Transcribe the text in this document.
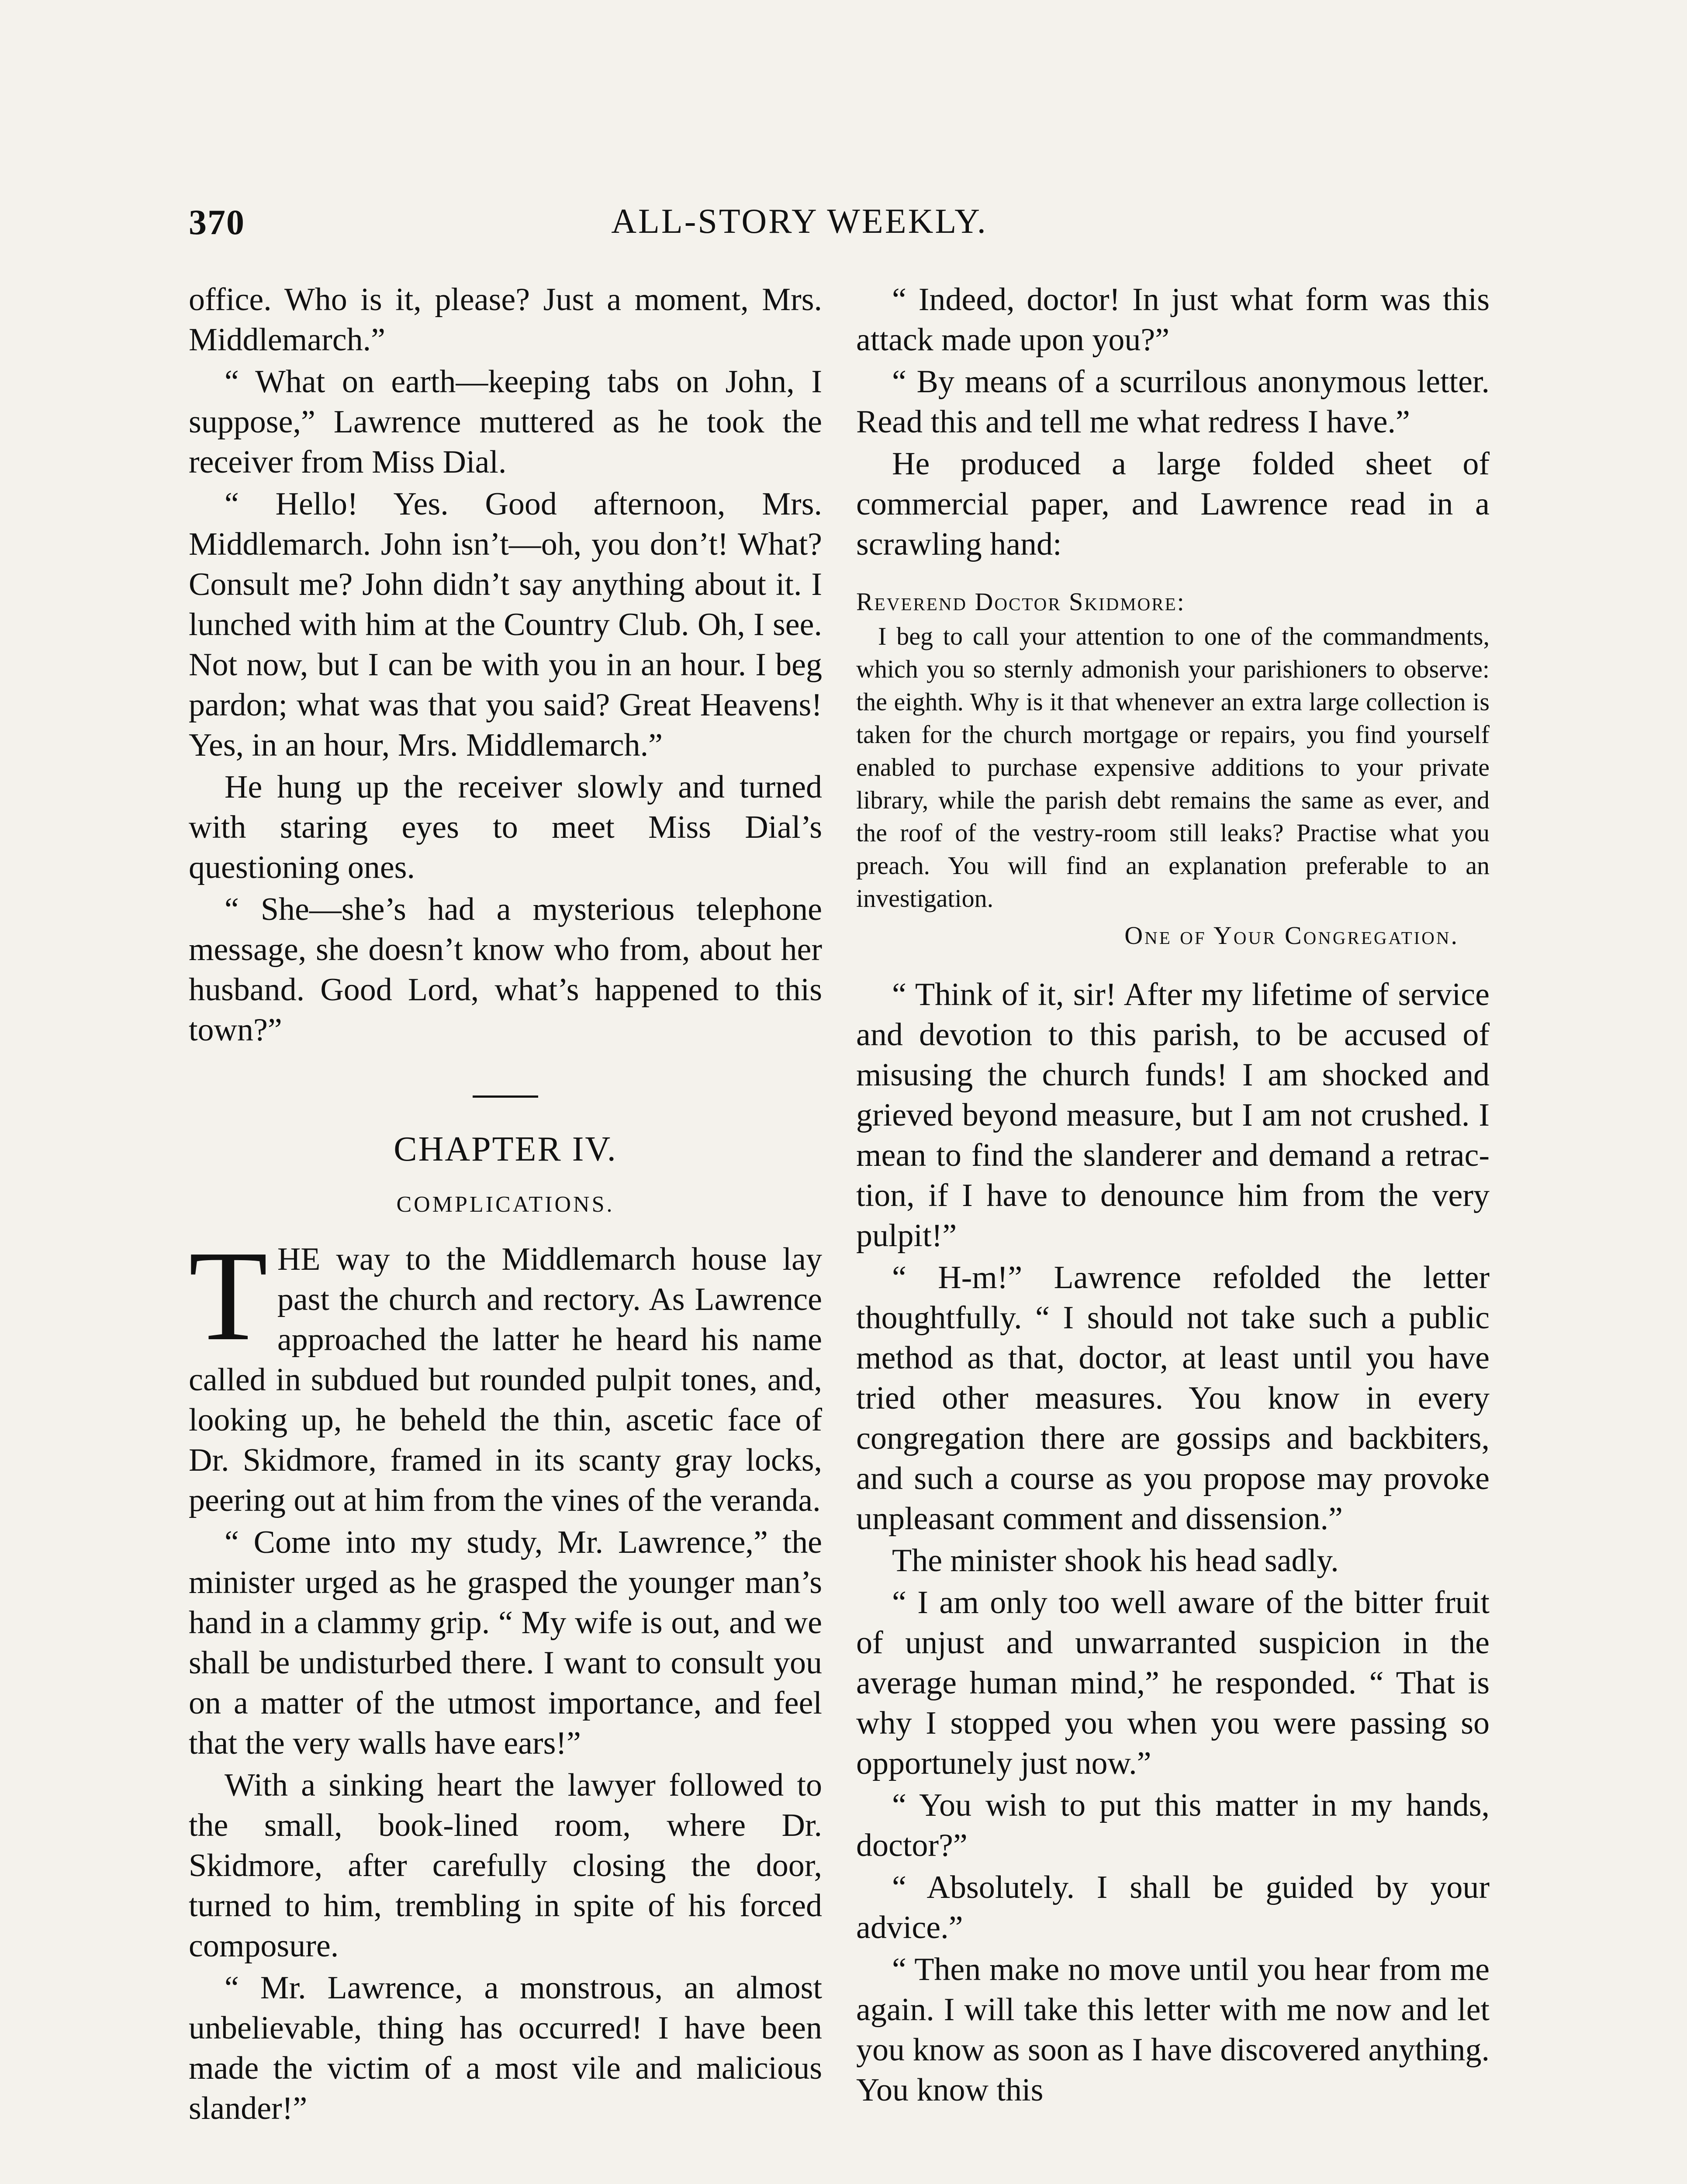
370	ALL-STORY WEEKLY.

office. Who is it, please? Just a moment, Mrs. Middlemarch.”

“ What on earth—keeping tabs on John, I suppose,” Lawrence muttered as he took the receiver from Miss Dial.

“ Hello! Yes. Good afternoon, Mrs. Middlemarch. John isn’t—oh, you don’t! What? Consult me? John didn’t say anything about it. I lunched with him at the Country Club. Oh, I see. Not now, but I can be with you in an hour. I beg pardon; what was that you said? Great Heavens! Yes, in an hour, Mrs. Middlemarch.”

He hung up the receiver slowly and turned with staring eyes to meet Miss Dial’s questioning ones.

“ She—she’s had a mysterious telephone message, she doesn’t know who from, about her husband. Good Lord, what’s happened to this town?”

CHAPTER IV.
COMPLICATIONS.

THE way to the Middlemarch house lay past the church and rectory. As Lawrence approached the latter he heard his name called in subdued but rounded pulpit tones, and, looking up, he beheld the thin, ascetic face of Dr. Skidmore, framed in its scanty gray locks, peering out at him from the vines of the veranda.

“ Come into my study, Mr. Lawrence,” the minister urged as he grasped the younger man’s hand in a clammy grip. “ My wife is out, and we shall be undisturbed there. I want to consult you on a matter of the utmost importance, and feel that the very walls have ears!”

With a sinking heart the lawyer followed to the small, book-lined room, where Dr. Skidmore, after carefully closing the door, turned to him, trembling in spite of his forced composure.

“ Mr. Lawrence, a monstrous, an almost unbelievable, thing has occurred! I have been made the victim of a most vile and malicious slander!”

“ Indeed, doctor! In just what form was this attack made upon you?”

“ By means of a scurrilous anonymous letter. Read this and tell me what redress I have.”

He produced a large folded sheet of commercial paper, and Lawrence read in a scrawling hand:

Reverend Doctor Skidmore:

I beg to call your attention to one of the commandments, which you so sternly admonish your parishioners to observe: the eighth. Why is it that whenever an extra large collection is taken for the church mortgage or repairs, you find yourself enabled to purchase expensive additions to your private library, while the parish debt remains the same as ever, and the roof of the vestry-room still leaks? Practise what you preach. You will find an explanation preferable to an investigation.

One of Your Congregation.

“ Think of it, sir! After my lifetime of service and devotion to this parish, to be accused of misusing the church funds! I am shocked and grieved beyond measure, but I am not crushed. I mean to find the slanderer and demand a retraction, if I have to denounce him from the very pulpit!”

“ H-m!” Lawrence refolded the letter thoughtfully. “ I should not take such a public method as that, doctor, at least until you have tried other measures. You know in every congregation there are gossips and backbiters, and such a course as you propose may provoke unpleasant comment and dissension.”

The minister shook his head sadly.

“ I am only too well aware of the bitter fruit of unjust and unwarranted suspicion in the average human mind,” he responded. “ That is why I stopped you when you were passing so opportunely just now.”

“ You wish to put this matter in my hands, doctor?”

“ Absolutely. I shall be guided by your advice.”

“ Then make no move until you hear from me again. I will take this letter with me now and let you know as soon as I have discovered anything. You know this
